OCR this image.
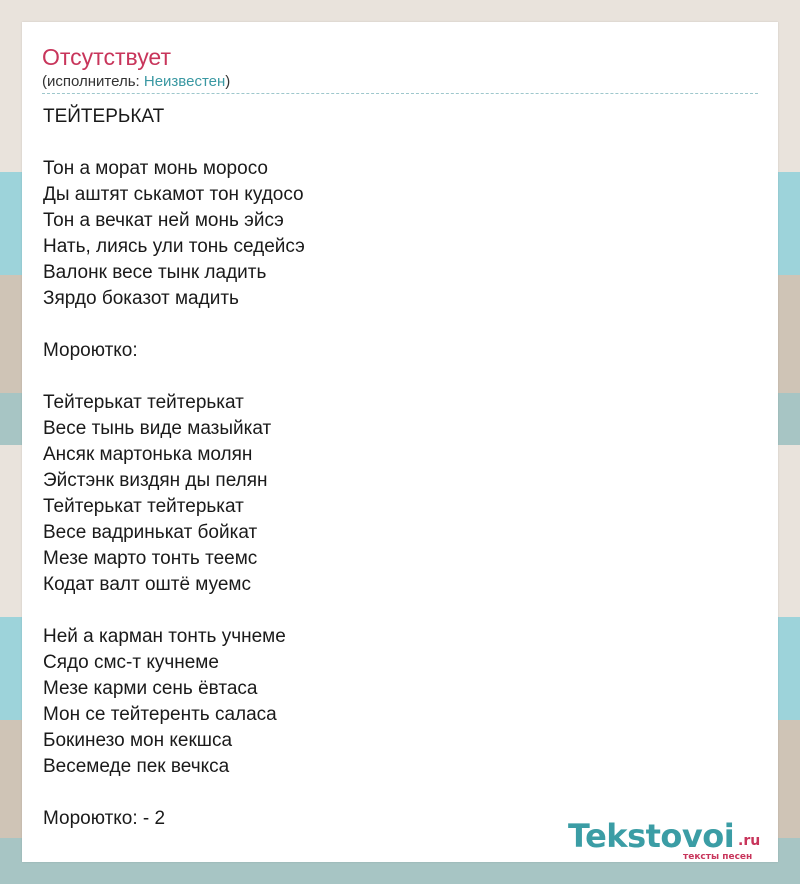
Отсутствует
(исполнитель: Неизвестен)
ТЕЙТЕРЬКАТ
Тон а морат монь моросо
Ды аштят ськамот тон кудосо
Тон а вечкат ней монь эйсэ
Нать, лиясь ули тонь седейсэ
Валонк весе тынк ладить
Зярдо боказот мадить
Мороютко:
Тейтерькат тейтерькат
Весе тынь виде мазыйкат
Ансяк мартонька молян
Эйстэнк виздян ды пелян
Тейтерькат тейтерькат
Весе вадринькат бойкат
Мезе марто тонть теемс
Кодат валт оштё муемс
Ней а карман тонть учнеме
Сядо смс-т кучнеме
Мезе карми сень ёвтаса
Мон се тейтеренть саласа
Бокинезо мон кекшса
Весемеде пек вечкса
Мороютко: - 2	Tekstovoi .ru
тексты песен
